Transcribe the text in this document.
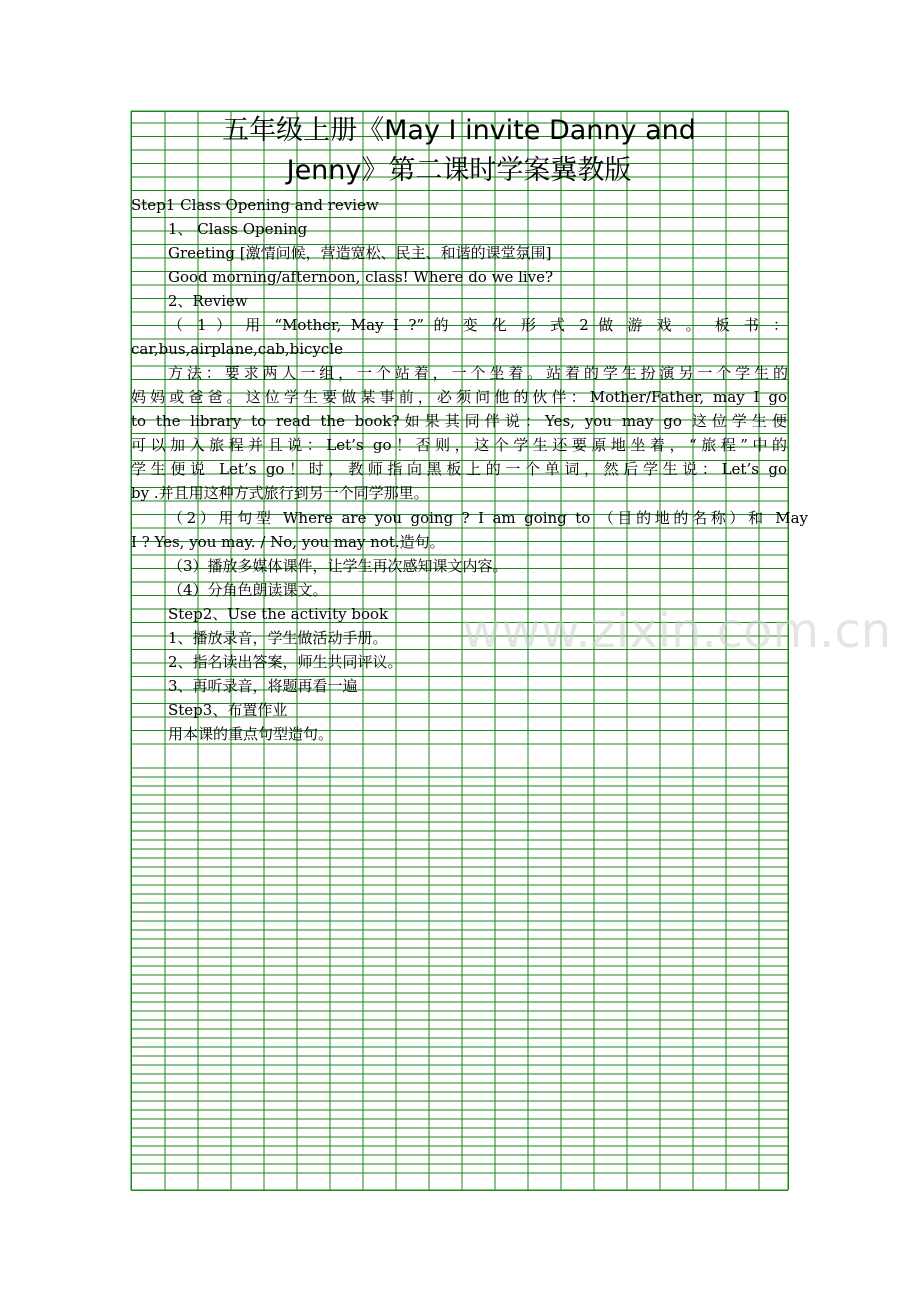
五年级上册《May I invite Danny and
Jenny》第二课时学案冀教版
Step1 Class Opening and review
1、 Class Opening
Greeting [激情问候，营造宽松、民主、和谐的课堂氛围]
Good morning/afternoon, class! Where do we live?
2、Review
（ 1 ） 用 “Mother, May I ?” 的 变 化 形 式 2 做 游 戏 。 板 书 ：
car,bus,airplane,cab,bicycle
方法：要求两人一组，一个站着，一个坐着。站着的学生扮演另一个学生的
妈妈或爸爸。这位学生要做某事前，必须问他的伙伴：Mother/Father, may I go
to the library to read the book?如果其同伴说：Yes, you may go 这位学生便
可以加入旅程并且说：Let’s go！否则，这个学生还要原地坐着，“旅程”中的
学生便说 Let’s go！时，教师指向黑板上的一个单词，然后学生说：Let’s go
by .并且用这种方式旅行到另一个同学那里。
（2）用句型 Where are you going ? I am going to （目的地的名称）和 May
I ? Yes, you may. / No, you may not.造句。
（3）播放多媒体课件，让学生再次感知课文内容。
（4）分角色朗读课文。
Step2、Use the activity book
1、播放录音，学生做活动手册。
2、指名读出答案，师生共同评议。
3、再听录音，将题再看一遍
Step3、布置作业
用本课的重点句型造句。
www.zixin.com.cn
